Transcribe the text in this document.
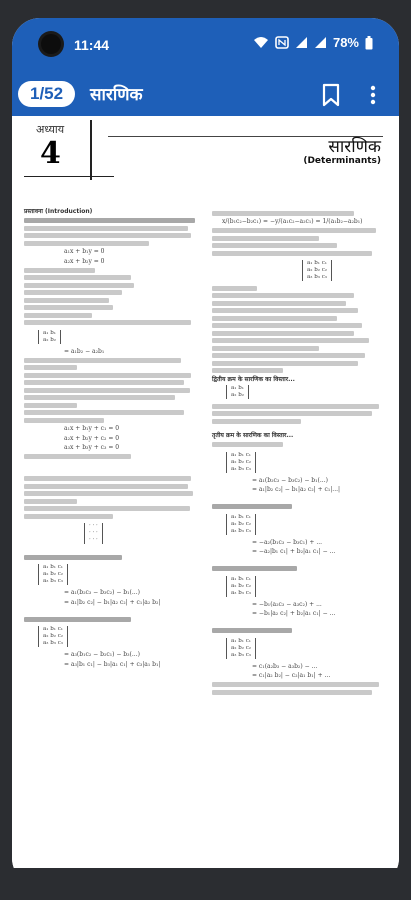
11:44	78%
1/52	सारणिक
अध्याय
4	सारणिक
(Determinants)
प्रस्तावना (Introduction)
a₁x + b₁y = 0
a₂x + b₂y = 0
a₁ b₁
a₂ b₂
= a₁b₂ − a₂b₁
a₁x + b₁y + c₁ = 0
a₂x + b₂y + c₂ = 0
a₃x + b₃y + c₃ = 0
· · ·
· · ·
· · ·
a₁ b₁ c₁
a₂ b₂ c₂
a₃ b₃ c₃
= a₁(b₂c₃ − b₃c₂) − b₁(...)
= a₁|b₂ c₂| − b₁|a₂ c₂| + c₁|a₂ b₂|
a₁ b₁ c₁
a₂ b₂ c₂
a₃ b₃ c₃
= a₃(b₁c₂ − b₂c₁) − b₃(...)
= a₃|b₁ c₁| − b₃|a₁ c₁| + c₃|a₁ b₁|
x/(b₁c₂−b₂c₁) = −y/(a₁c₂−a₂c₁) = 1/(a₁b₂−a₂b₁)
a₁ b₁ c₁
a₂ b₂ c₂
a₃ b₃ c₃
द्वितीय क्रम के सारणिक का विस्तार...
a₁ b₁
a₂ b₂
तृतीय क्रम के सारणिक का विस्तार...
a₁ b₁ c₁
a₂ b₂ c₂
a₃ b₃ c₃
= a₁(b₂c₃ − b₃c₂) − b₁(...)
= a₁|b₂ c₂| − b₁|a₂ c₂| + c₁|...|
a₁ b₁ c₁
a₂ b₂ c₂
a₃ b₃ c₃
= −a₂(b₁c₃ − b₃c₁) + ...
= −a₂|b₁ c₁| + b₂|a₁ c₁| − ...
a₁ b₁ c₁
a₂ b₂ c₂
a₃ b₃ c₃
= −b₁(a₂c₃ − a₃c₂) + ...
= −b₁|a₂ c₂| + b₂|a₁ c₁| − ...
a₁ b₁ c₁
a₂ b₂ c₂
a₃ b₃ c₃
= c₁(a₂b₃ − a₃b₂) − ...
= c₁|a₂ b₂| − c₂|a₁ b₁| + ...
